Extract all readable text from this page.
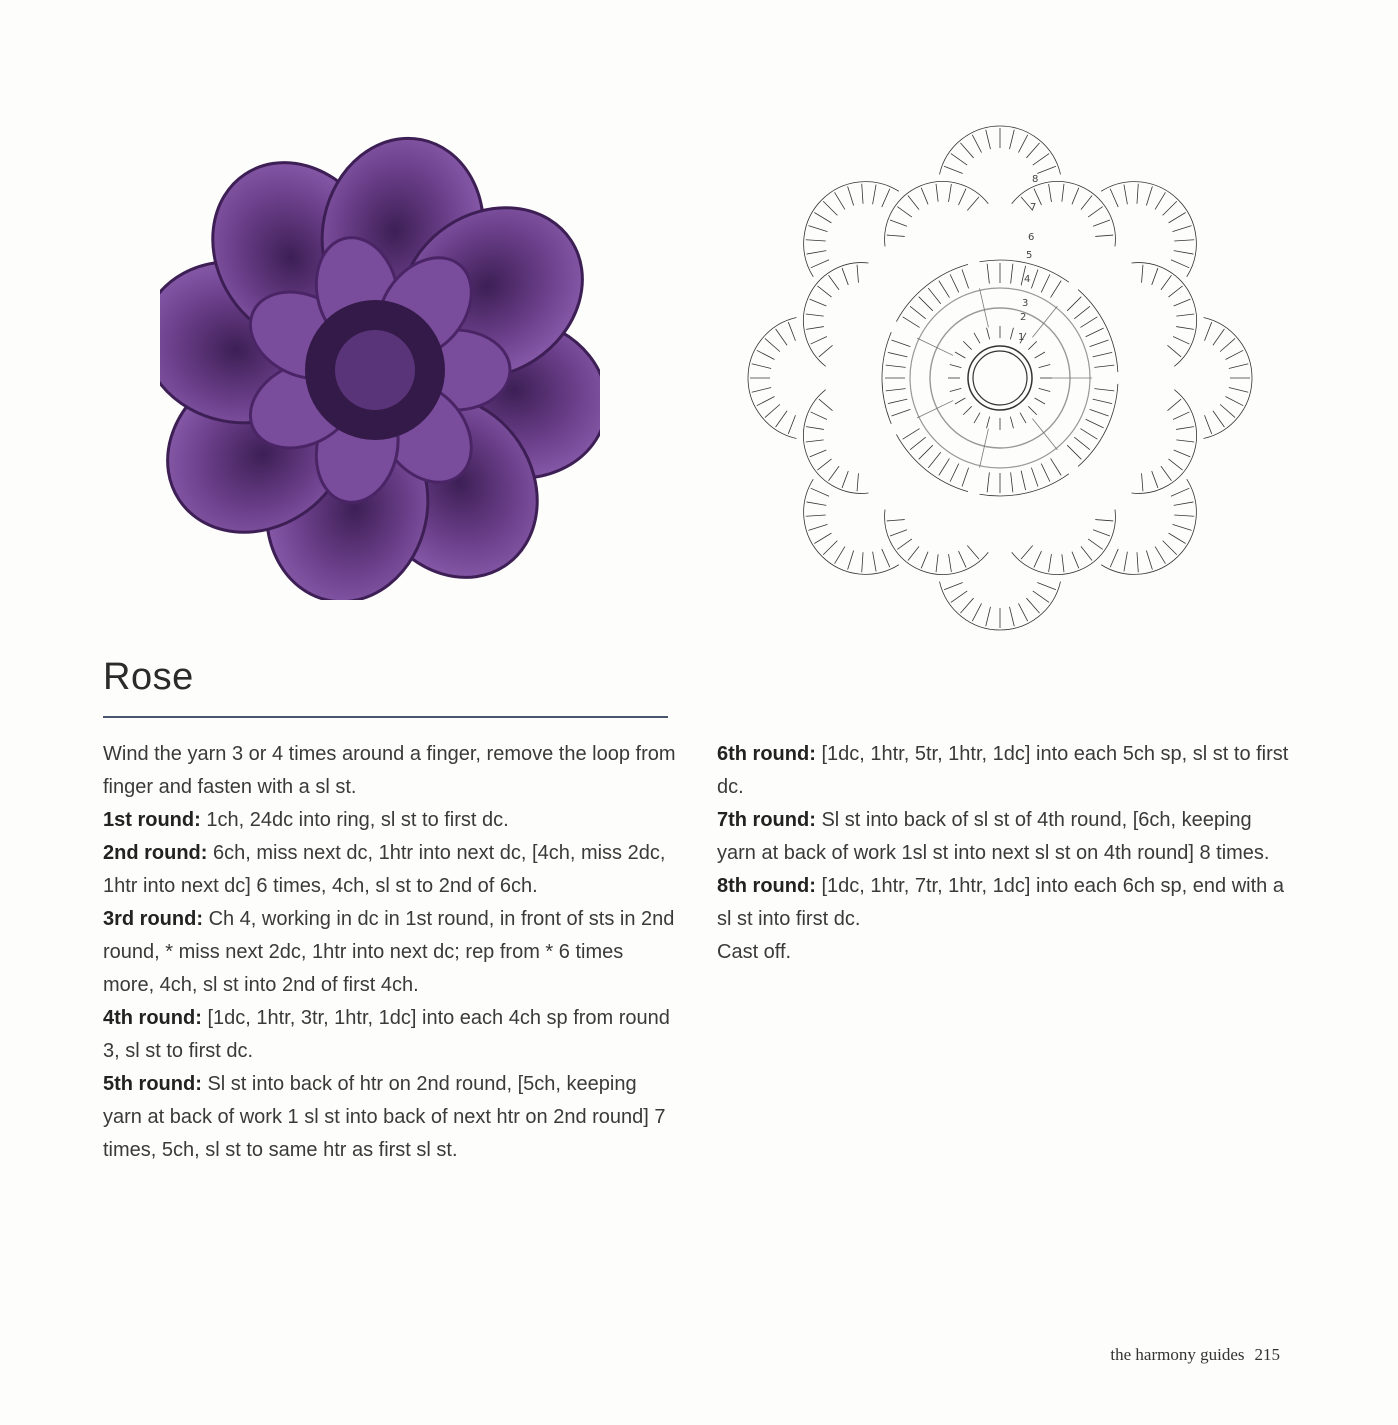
1
2
3
4
5
6
7
8
Rose

Wind the yarn 3 or 4 times around a finger, remove the loop from finger and fasten with a sl st.

1st round: 1ch, 24dc into ring, sl st to first dc.

2nd round: 6ch, miss next dc, 1htr into next dc, [4ch, miss 2dc, 1htr into next dc] 6 times, 4ch, sl st to 2nd of 6ch.

3rd round: Ch 4, working in dc in 1st round, in front of sts in 2nd round, * miss next 2dc, 1htr into next dc; rep from * 6 times more, 4ch, sl st into 2nd of first 4ch.

4th round: [1dc, 1htr, 3tr, 1htr, 1dc] into each 4ch sp from round 3, sl st to first dc.

5th round: Sl st into back of htr on 2nd round, [5ch, keeping yarn at back of work 1 sl st into back of next htr on 2nd round] 7 times, 5ch, sl st to same htr as first sl st.

6th round: [1dc, 1htr, 5tr, 1htr, 1dc] into each 5ch sp, sl st to first dc.

7th round: Sl st into back of sl st of 4th round, [6ch, keeping yarn at back of work 1sl st into next sl st on 4th round] 8 times.

8th round: [1dc, 1htr, 7tr, 1htr, 1dc] into each 6ch sp, end with a sl st into first dc.

Cast off.

the harmony guides 215
